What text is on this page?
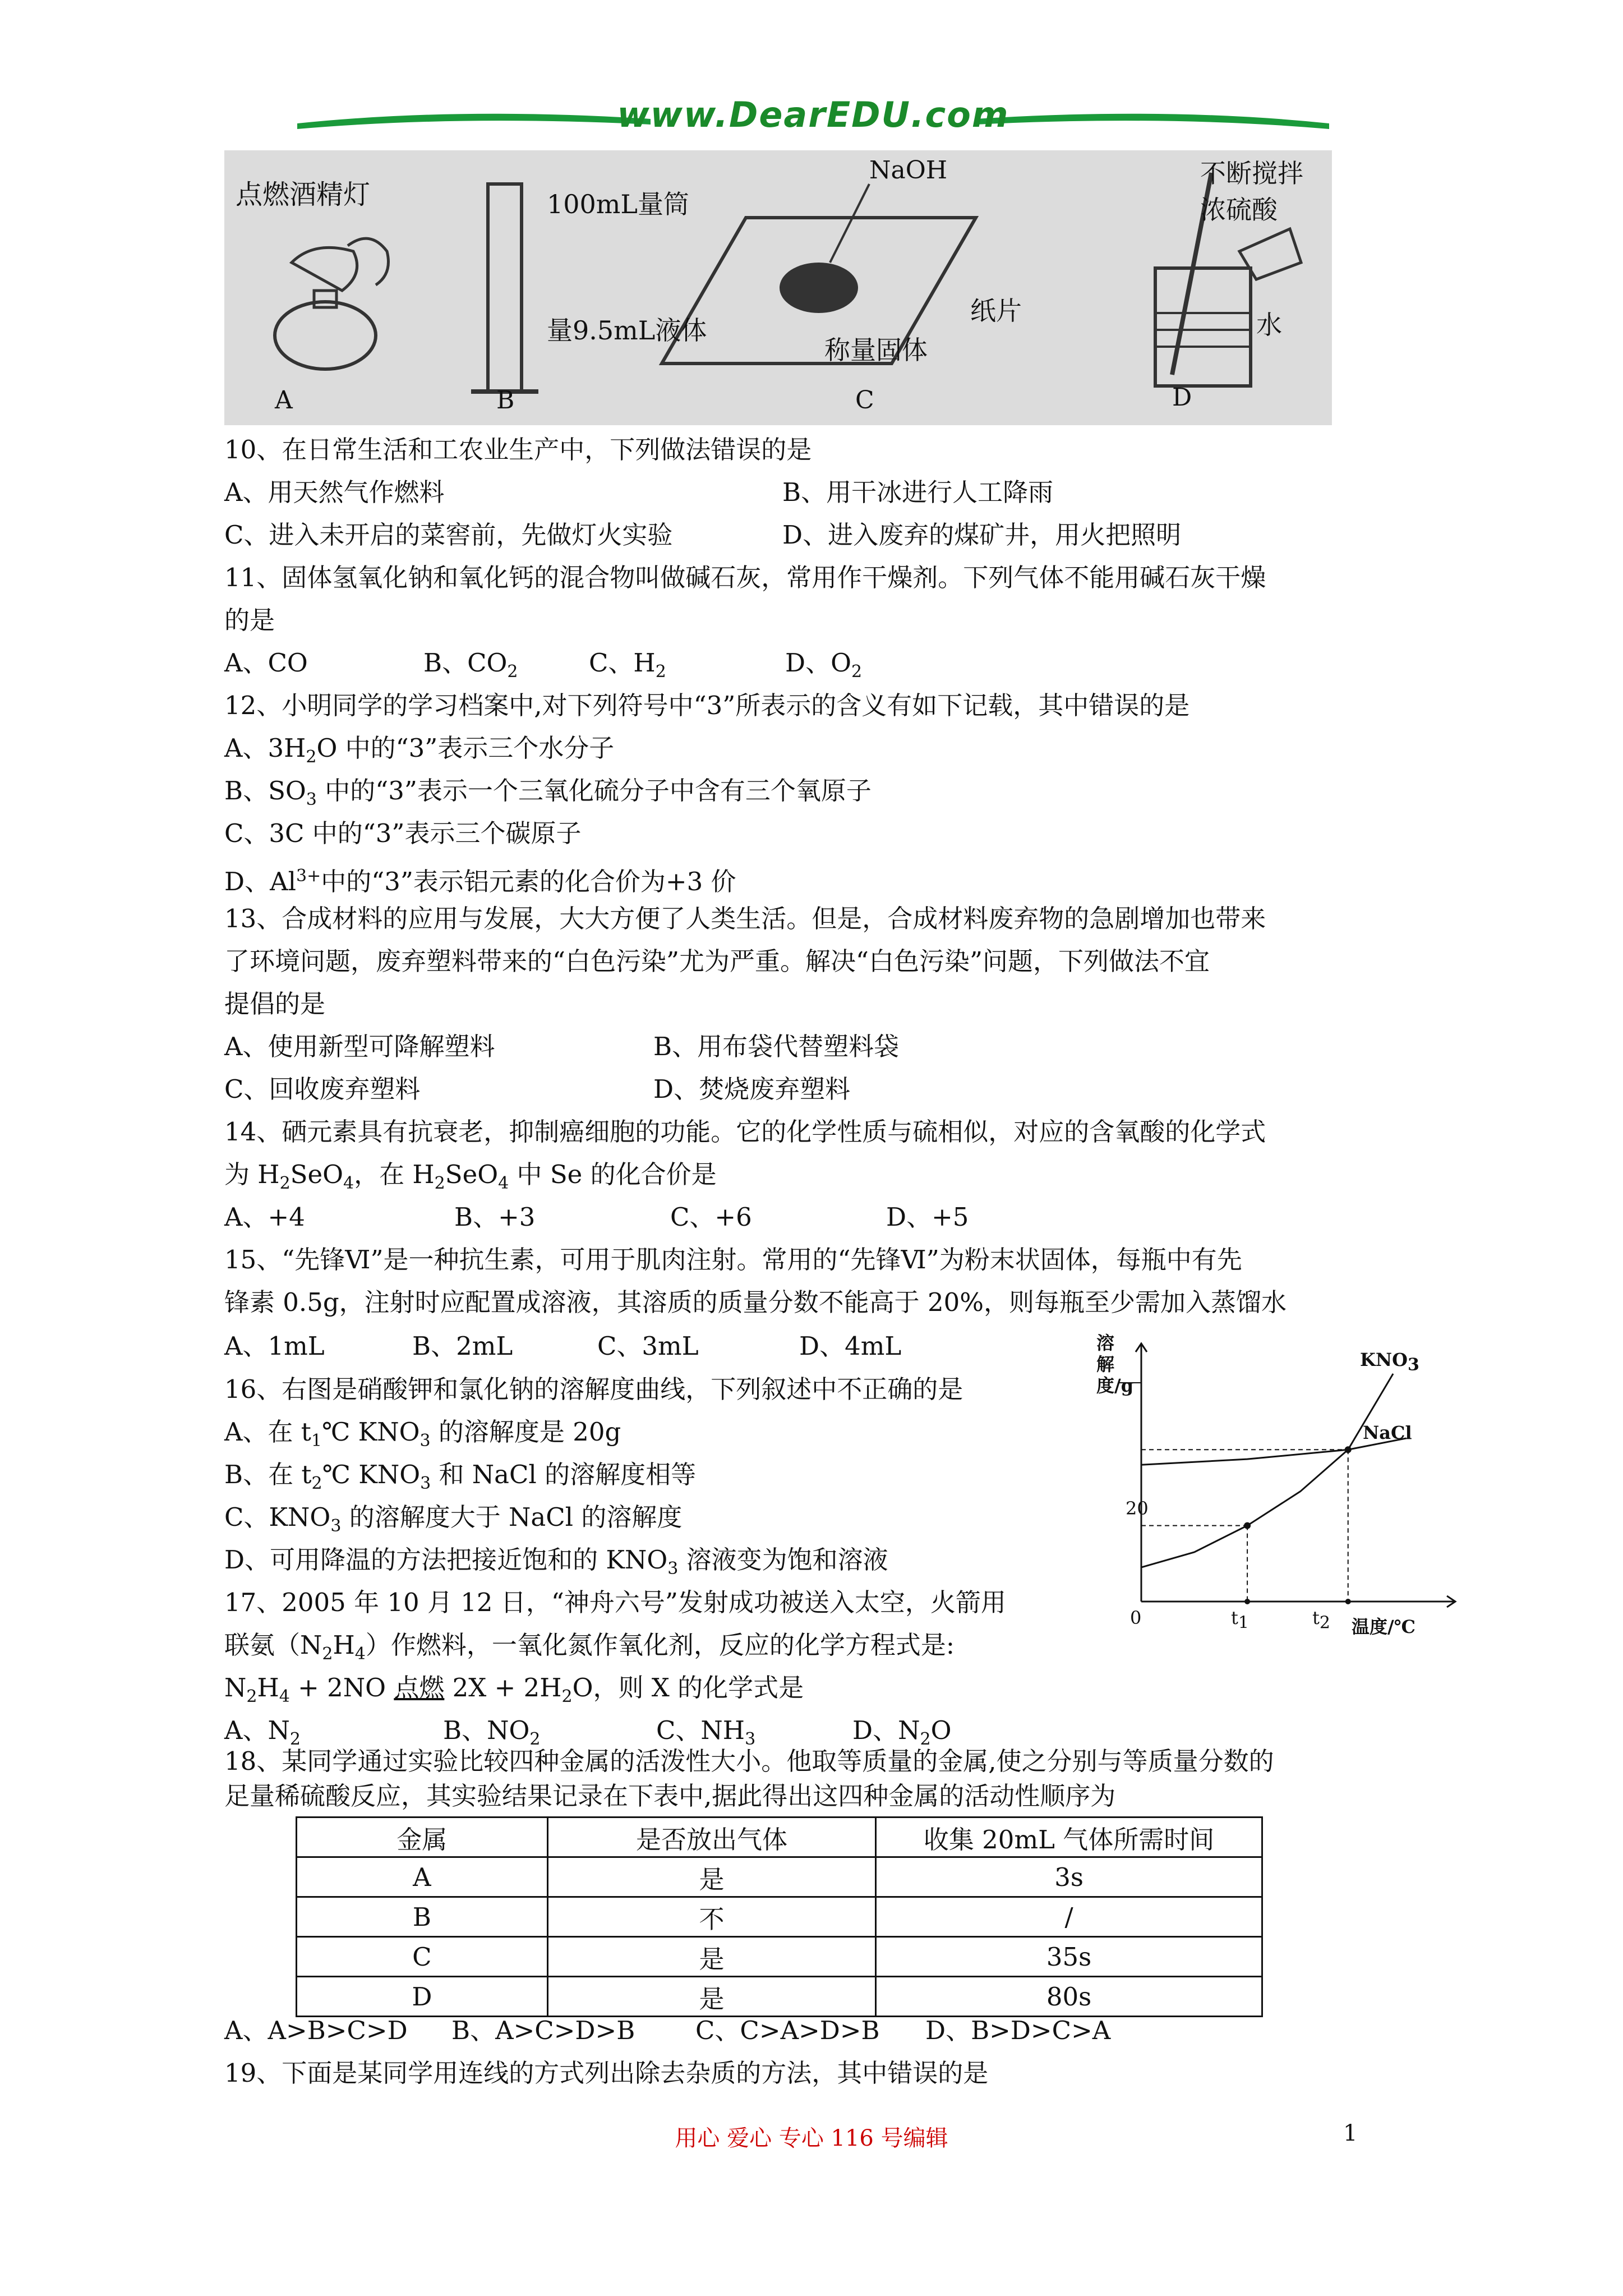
www.DearEDU.com
点燃酒精灯
A
100mL量筒
量9.5mL液体
B
NaOH
纸片
称量固体
C
不断搅拌
浓硫酸
水
D
10、在日常生活和工农业生产中，下列做法错误的是
A、用天然气作燃料	B、用干冰进行人工降雨
C、进入未开启的菜窖前，先做灯火实验	D、进入废弃的煤矿井，用火把照明
11、固体氢氧化钠和氧化钙的混合物叫做碱石灰，常用作干燥剂。下列气体不能用碱石灰干燥
的是
A、CO	B、$CO_2$	C、$H_2$	D、$O_2$
12、小明同学的学习档案中,对下列符号中“3”所表示的含义有如下记载，其中错误的是
A、$3H_2O$ 中的“3”表示三个水分子
B、$SO_3$ 中的“3”表示一个三氧化硫分子中含有三个氧原子
C、3C 中的“3”表示三个碳原子
D、$Al^{3+}$中的“3”表示铝元素的化合价为+3 价
13、合成材料的应用与发展，大大方便了人类生活。但是，合成材料废弃物的急剧增加也带来
了环境问题，废弃塑料带来的“白色污染”尤为严重。解决“白色污染”问题，下列做法不宜
提倡的是
A、使用新型可降解塑料	B、用布袋代替塑料袋
C、回收废弃塑料	D、焚烧废弃塑料
14、硒元素具有抗衰老，抑制癌细胞的功能。它的化学性质与硫相似，对应的含氧酸的化学式
为 $H_2SeO_4$，在 $H_2SeO_4$ 中 Se 的化合价是
A、+4	B、+3	C、+6	D、+5
15、“先锋Ⅵ”是一种抗生素，可用于肌肉注射。常用的“先锋Ⅵ”为粉末状固体，每瓶中有先
锋素 0.5g，注射时应配置成溶液，其溶质的质量分数不能高于 20%，则每瓶至少需加入蒸馏水
A、1mL	B、2mL	C、3mL	D、4mL
16、右图是硝酸钾和氯化钠的溶解度曲线，下列叙述中不正确的是
A、在 $t_1℃$ $KNO_3$ 的溶解度是 20g
B、在 $t_2℃$ $KNO_3$ 和 NaCl 的溶解度相等
C、$KNO_3$ 的溶解度大于 NaCl 的溶解度
D、可用降温的方法把接近饱和的 $KNO_3$ 溶液变为饱和溶液
溶解度/g
温度/℃
0
20
$t_1$	$t_2$
$KNO_3$
NaCl
17、2005 年 10 月 12 日，“神舟六号”发射成功被送入太空，火箭用
联氨$(N_2H_4)$作燃料，一氧化氮作氧化剂，反应的化学方程式是:
$N_2H_4 + 2NO$ 点燃 $2X + 2H_2O$，则 X 的化学式是
A、$N_2$	B、$NO_2$	C、$NH_3$	D、$N_2O$
18、某同学通过实验比较四种金属的活泼性大小。他取等质量的金属,使之分别与等质量分数的
足量稀硫酸反应，其实验结果记录在下表中,据此得出这四种金属的活动性顺序为
金属	是否放出气体	收集 20mL 气体所需时间
A	是	3s
B	不	/
C	是	35s
D	是	80s
A、A>B>C>D B、A>C>D>B C、C>A>D>B D、B>D>C>A
19、下面是某同学用连线的方式列出除去杂质的方法，其中错误的是
用心 爱心 专心 116 号编辑	1
